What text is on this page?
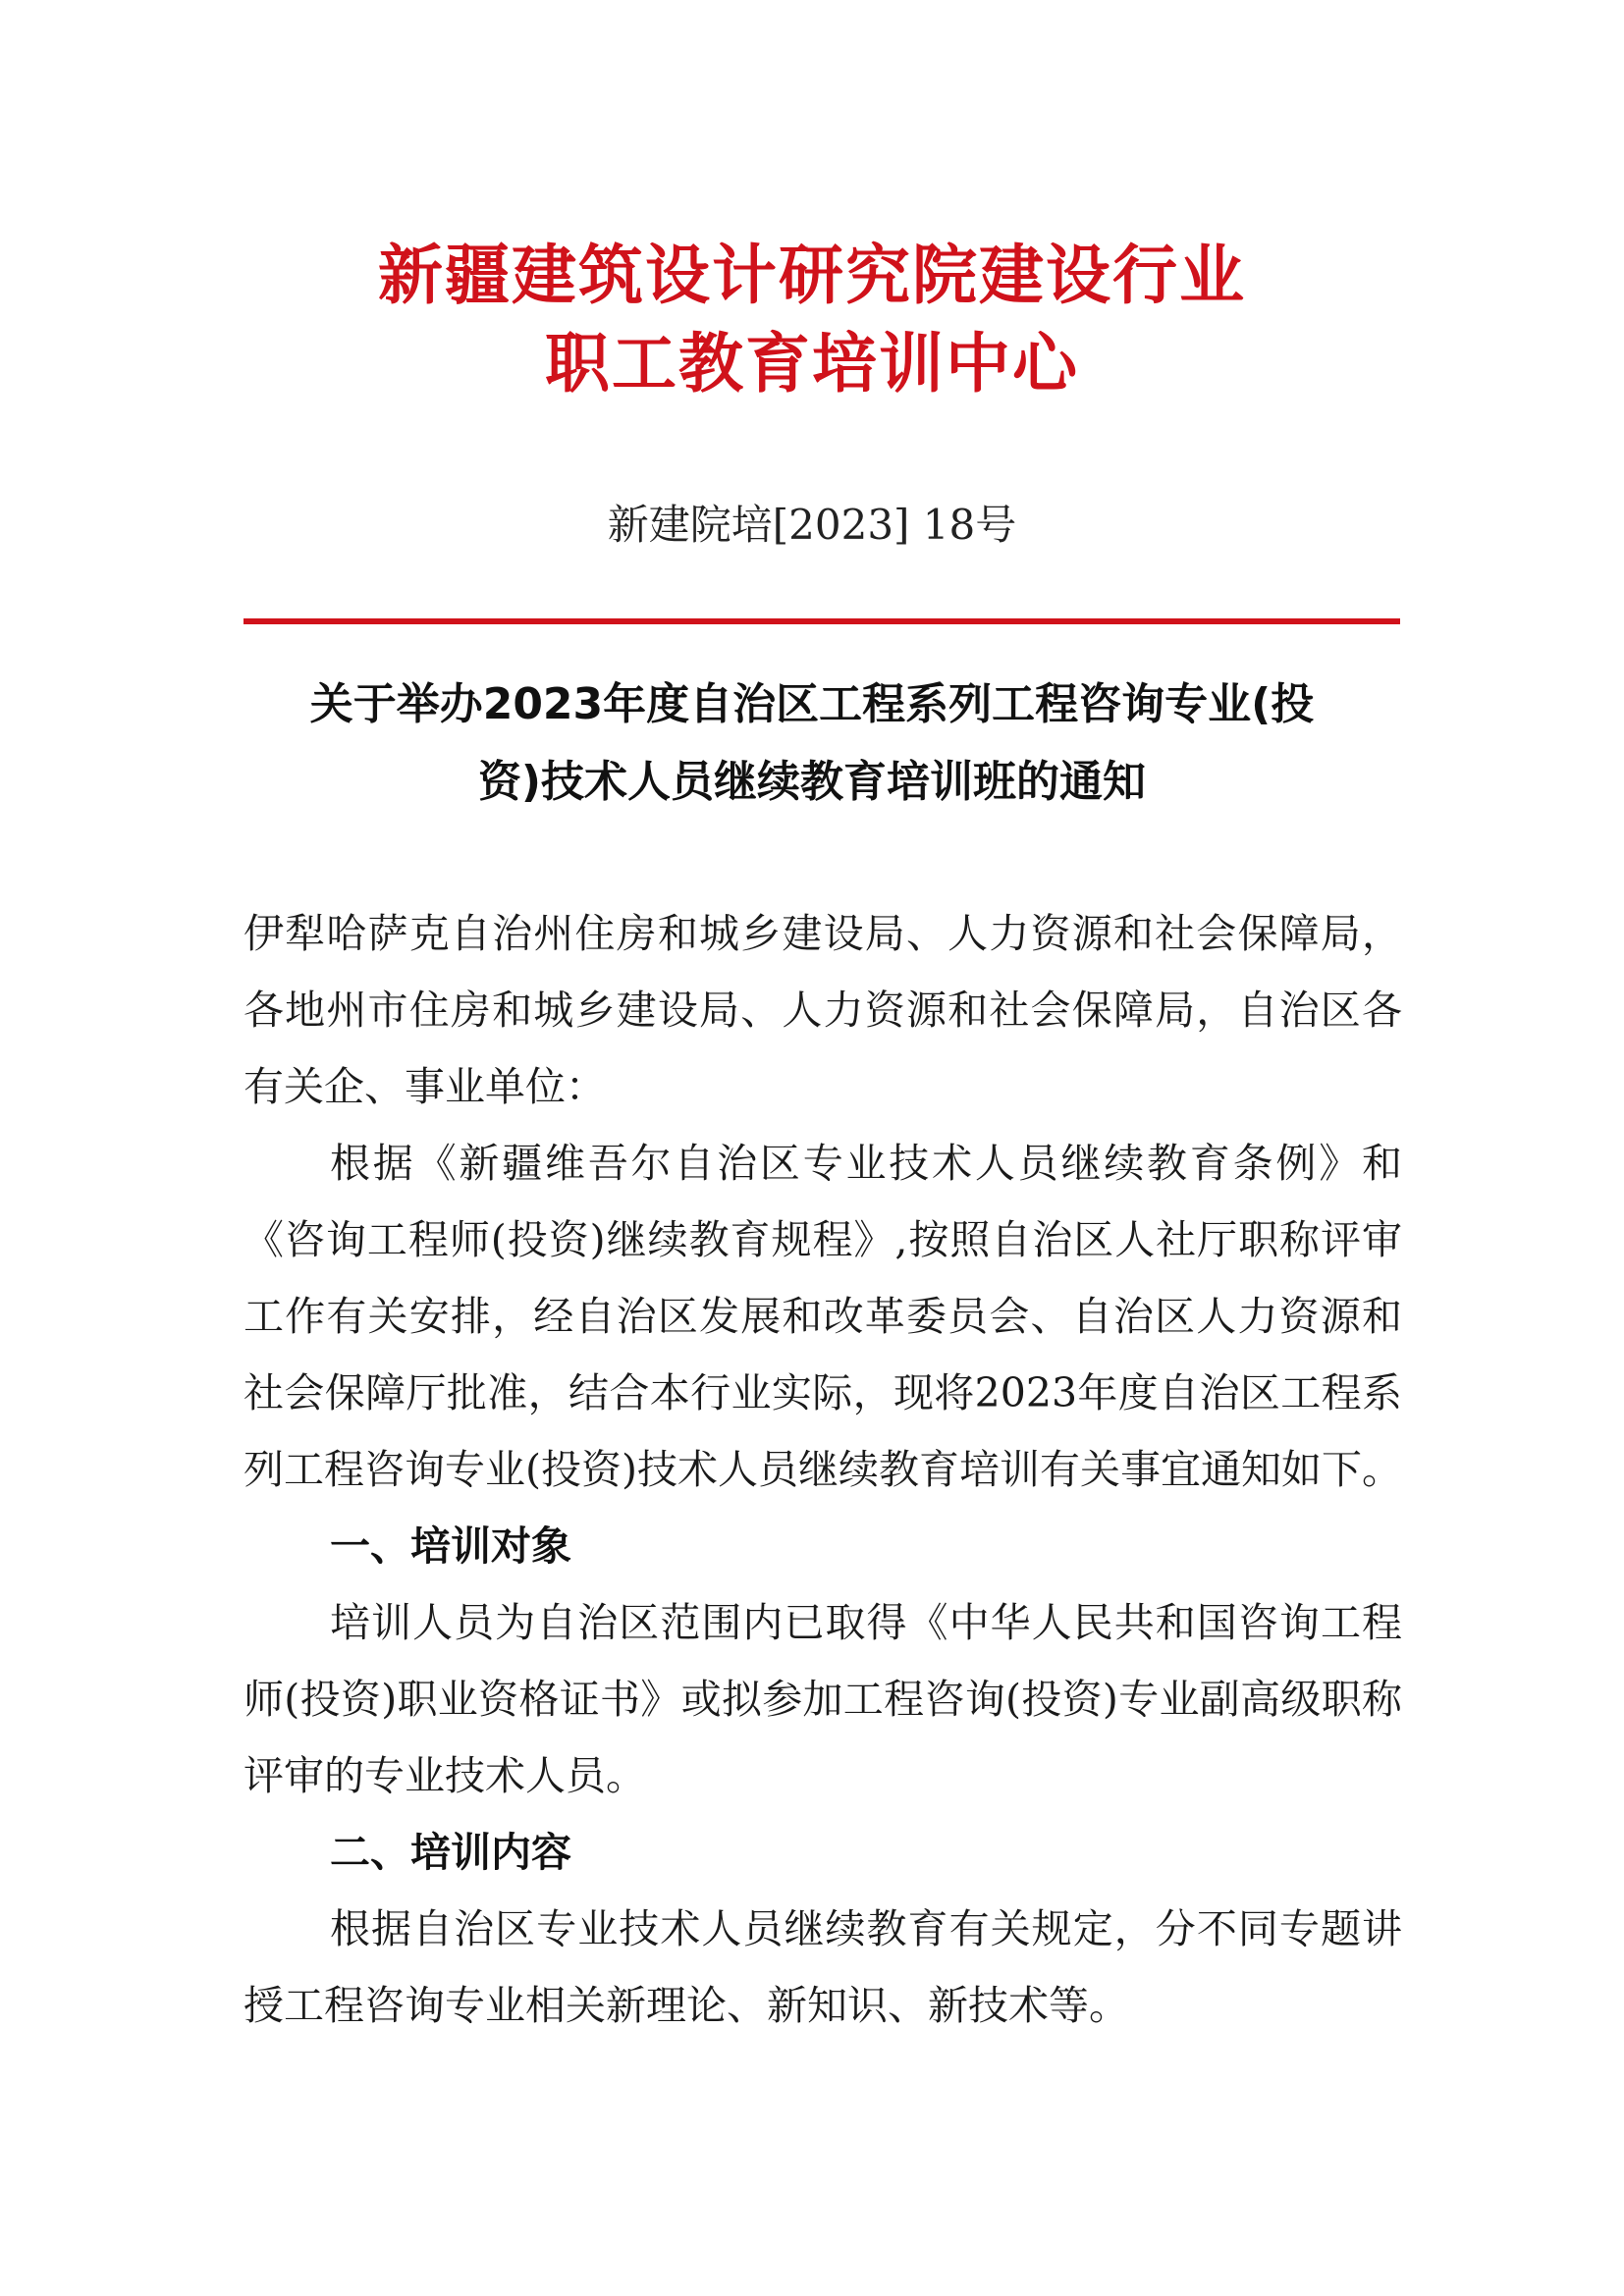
新疆建筑设计研究院建设行业
职工教育培训中心
新建院培[2023] 18号
关于举办2023年度自治区工程系列工程咨询专业(投
资)技术人员继续教育培训班的通知

伊犁哈萨克自治州住房和城乡建设局、人力资源和社会保障局，各地州市住房和城乡建设局、人力资源和社会保障局，自治区各有关企、事业单位：

根据《新疆维吾尔自治区专业技术人员继续教育条例》和《咨询工程师(投资)继续教育规程》,按照自治区人社厅职称评审工作有关安排，经自治区发展和改革委员会、自治区人力资源和社会保障厅批准，结合本行业实际，现将2023年度自治区工程系列工程咨询专业(投资)技术人员继续教育培训有关事宜通知如下。

一、培训对象

培训人员为自治区范围内已取得《中华人民共和国咨询工程师(投资)职业资格证书》或拟参加工程咨询(投资)专业副高级职称评审的专业技术人员。

二、培训内容

根据自治区专业技术人员继续教育有关规定，分不同专题讲授工程咨询专业相关新理论、新知识、新技术等。
